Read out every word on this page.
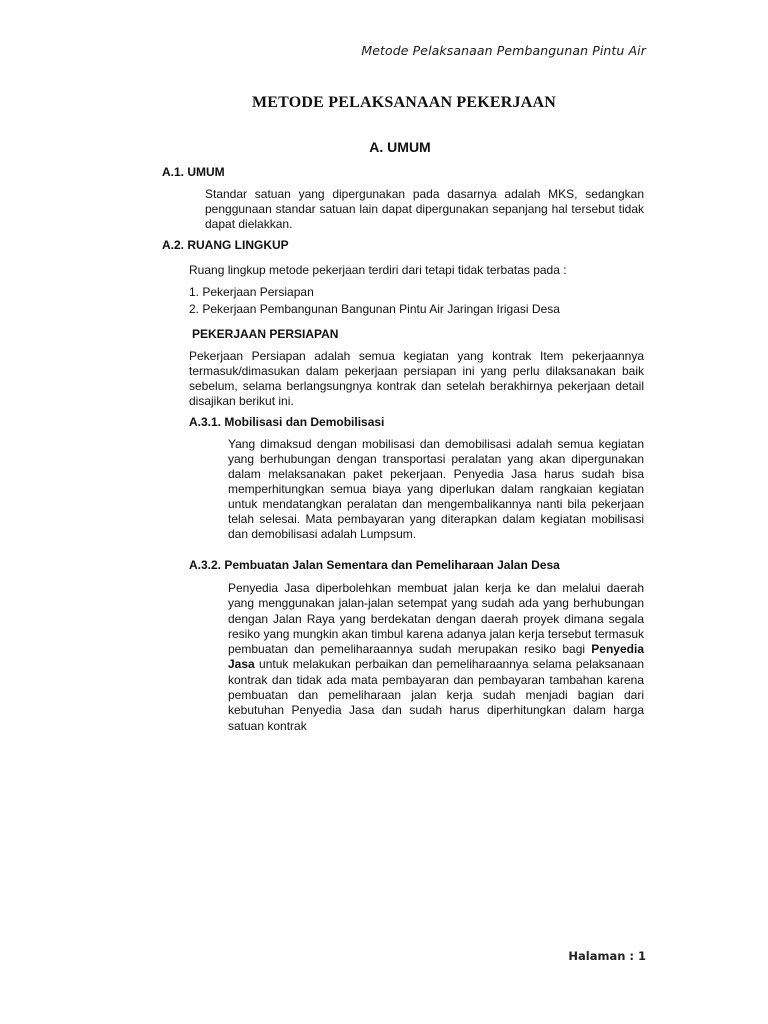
Metode Pelaksanaan Pembangunan Pintu Air
METODE PELAKSANAAN PEKERJAAN
A. UMUM
A.1. UMUM
Standar satuan yang dipergunakan pada dasarnya adalah MKS, sedangkan penggunaan standar satuan lain dapat dipergunakan sepanjang hal tersebut tidak dapat dielakkan.
A.2. RUANG LINGKUP
Ruang lingkup metode pekerjaan terdiri dari tetapi tidak terbatas pada :
1. Pekerjaan Persiapan
2. Pekerjaan Pembangunan Bangunan Pintu Air Jaringan Irigasi Desa
PEKERJAAN PERSIAPAN
Pekerjaan Persiapan adalah semua kegiatan yang kontrak Item pekerjaannya termasuk/dimasukan dalam pekerjaan persiapan ini yang perlu dilaksanakan baik sebelum, selama berlangsungnya kontrak dan setelah berakhirnya pekerjaan detail disajikan berikut ini.
A.3.1. Mobilisasi dan Demobilisasi
Yang dimaksud dengan mobilisasi dan demobilisasi adalah semua kegiatan yang berhubungan dengan transportasi peralatan yang akan dipergunakan dalam melaksanakan paket pekerjaan. Penyedia Jasa harus sudah bisa memperhitungkan semua biaya yang diperlukan dalam rangkaian kegiatan untuk mendatangkan peralatan dan mengembalikannya nanti bila pekerjaan telah selesai. Mata pembayaran yang diterapkan dalam kegiatan mobilisasi dan demobilisasi adalah Lumpsum.
A.3.2. Pembuatan Jalan Sementara dan Pemeliharaan Jalan Desa
Penyedia Jasa diperbolehkan membuat jalan kerja ke dan melalui daerah yang menggunakan jalan-jalan setempat yang sudah ada yang berhubungan dengan Jalan Raya yang berdekatan dengan daerah proyek dimana segala resiko yang mungkin akan timbul karena adanya jalan kerja tersebut termasuk pembuatan dan pemeliharaannya sudah merupakan resiko bagi Penyedia Jasa untuk melakukan perbaikan dan pemeliharaannya selama pelaksanaan kontrak dan tidak ada mata pembayaran dan pembayaran tambahan karena pembuatan dan pemeliharaan jalan kerja sudah menjadi bagian dari kebutuhan Penyedia Jasa dan sudah harus diperhitungkan dalam harga satuan kontrak
Halaman : 1
